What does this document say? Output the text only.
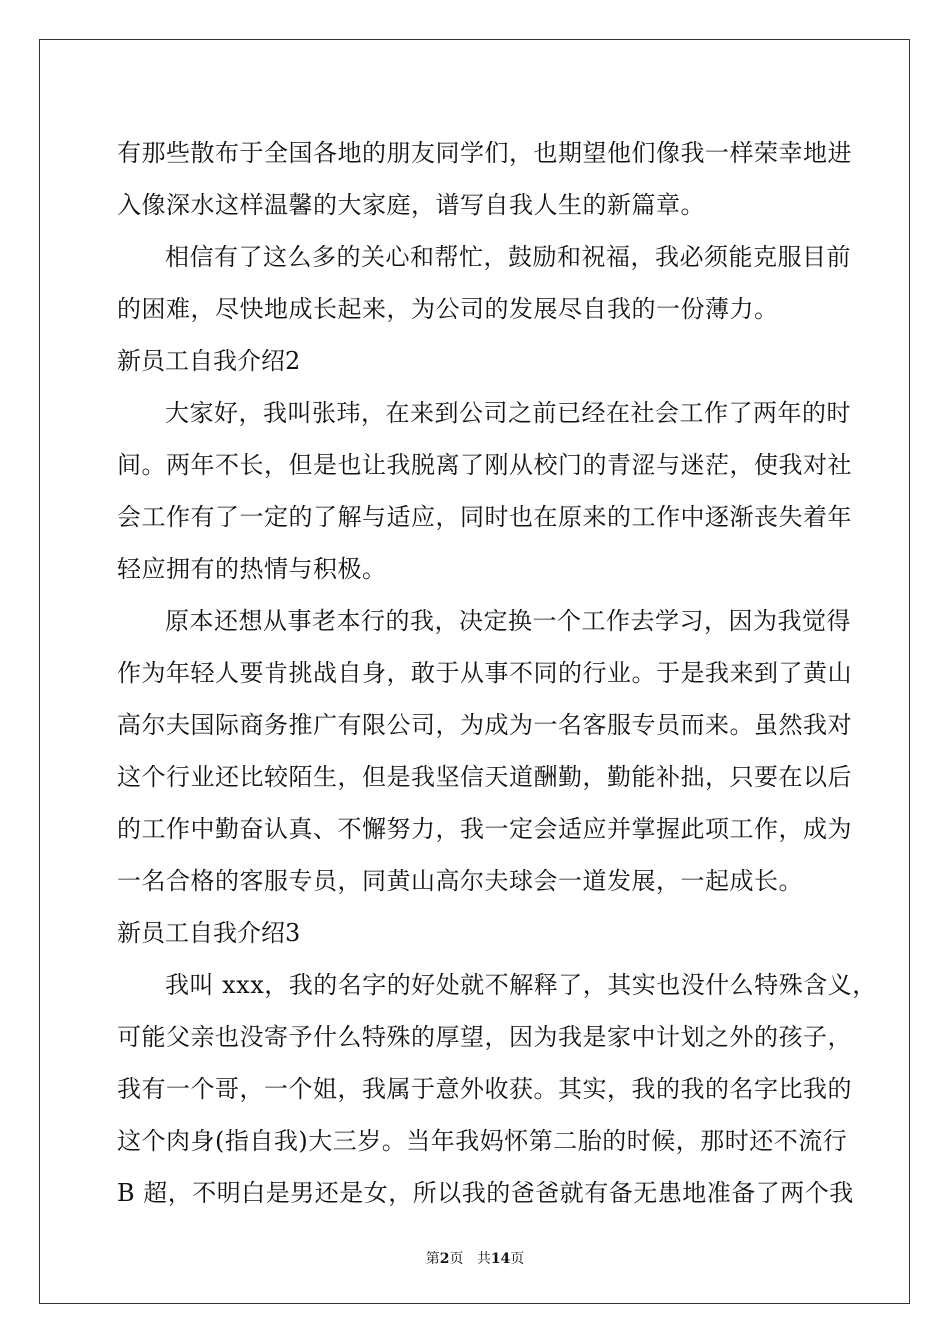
有那些散布于全国各地的朋友同学们，也期望他们像我一样荣幸地进
入像深水这样温馨的大家庭，谱写自我人生的新篇章。
相信有了这么多的关心和帮忙，鼓励和祝福，我必须能克服目前
的困难，尽快地成长起来，为公司的发展尽自我的一份薄力。
新员工自我介绍2
大家好，我叫张玮，在来到公司之前已经在社会工作了两年的时
间。两年不长，但是也让我脱离了刚从校门的青涩与迷茫，使我对社
会工作有了一定的了解与适应，同时也在原来的工作中逐渐丧失着年
轻应拥有的热情与积极。
原本还想从事老本行的我，决定换一个工作去学习，因为我觉得
作为年轻人要肯挑战自身，敢于从事不同的行业。于是我来到了黄山
高尔夫国际商务推广有限公司，为成为一名客服专员而来。虽然我对
这个行业还比较陌生，但是我坚信天道酬勤，勤能补拙，只要在以后
的工作中勤奋认真、不懈努力，我一定会适应并掌握此项工作，成为
一名合格的客服专员，同黄山高尔夫球会一道发展，一起成长。
新员工自我介绍3
我叫 xxx，我的名字的好处就不解释了，其实也没什么特殊含义，
可能父亲也没寄予什么特殊的厚望，因为我是家中计划之外的孩子，
我有一个哥，一个姐，我属于意外收获。其实，我的我的名字比我的
这个肉身(指自我)大三岁。当年我妈怀第二胎的时候，那时还不流行
B 超，不明白是男还是女，所以我的爸爸就有备无患地准备了两个我
第2页 共14页
